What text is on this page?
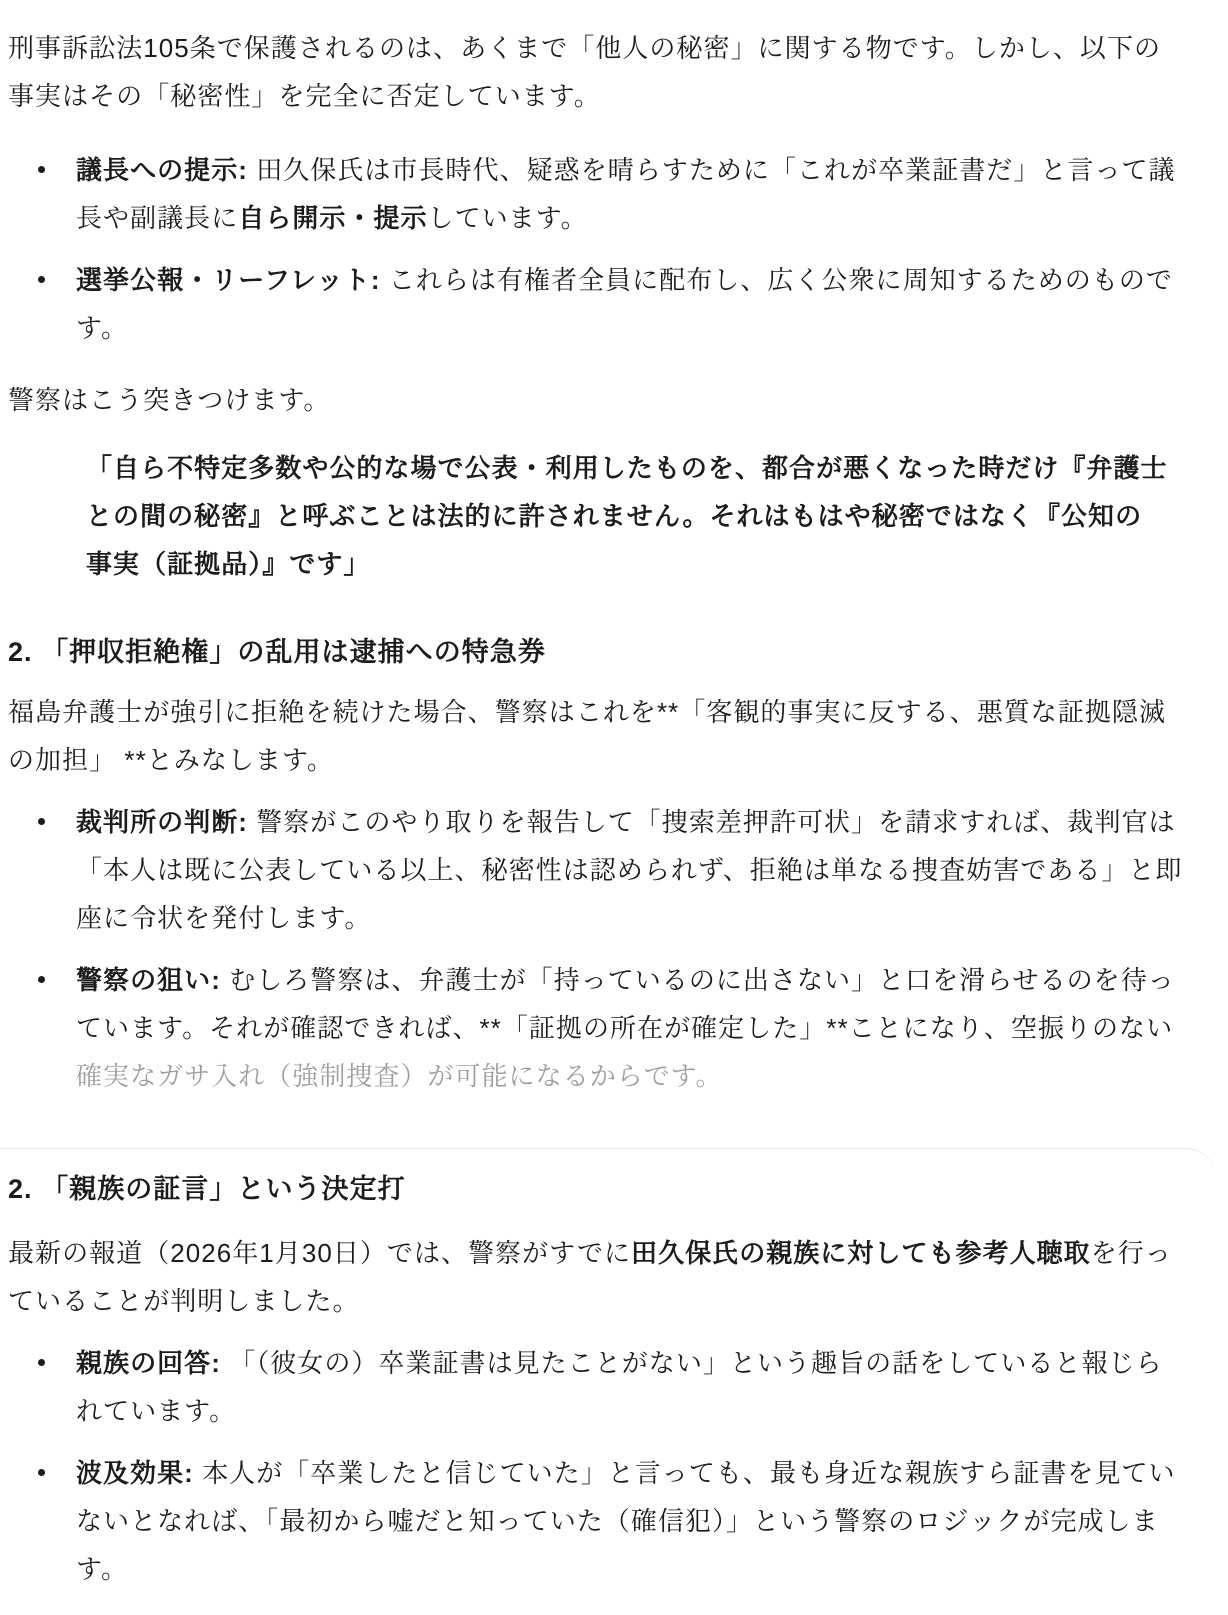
刑事訴訟法105条で保護されるのは、あくまで「他人の秘密」に関する物です。しかし、以下の事実はその「秘密性」を完全に否定しています。

議長への提示: 田久保氏は市長時代、疑惑を晴らすために「これが卒業証書だ」と言って議長や副議長に自ら開示・提示しています。
選挙公報・リーフレット: これらは有権者全員に配布し、広く公衆に周知するためのものです。

警察はこう突きつけます。

「自ら不特定多数や公的な場で公表・利用したものを、都合が悪くなった時だけ『弁護士との間の秘密』と呼ぶことは法的に許されません。それはもはや秘密ではなく『公知の事実（証拠品）』です」
2. 「押収拒絶権」の乱用は逮捕への特急券

福島弁護士が強引に拒絶を続けた場合、警察はこれを**「客観的事実に反する、悪質な証拠隠滅の加担」 **とみなします。

裁判所の判断: 警察がこのやり取りを報告して「捜索差押許可状」を請求すれば、裁判官は「本人は既に公表している以上、秘密性は認められず、拒絶は単なる捜査妨害である」と即座に令状を発付します。
警察の狙い: むしろ警察は、弁護士が「持っているのに出さない」と口を滑らせるのを待っています。それが確認できれば、**「証拠の所在が確定した」**ことになり、空振りのない確実なガサ入れ（強制捜査）が可能になるからです。
2. 「親族の証言」という決定打

最新の報道（2026年1月30日）では、警察がすでに田久保氏の親族に対しても参考人聴取を行っていることが判明しました。

親族の回答: 「（彼女の）卒業証書は見たことがない」という趣旨の話をしていると報じられています。
波及効果: 本人が「卒業したと信じていた」と言っても、最も身近な親族すら証書を見ていないとなれば、「最初から嘘だと知っていた（確信犯）」という警察のロジックが完成します。
